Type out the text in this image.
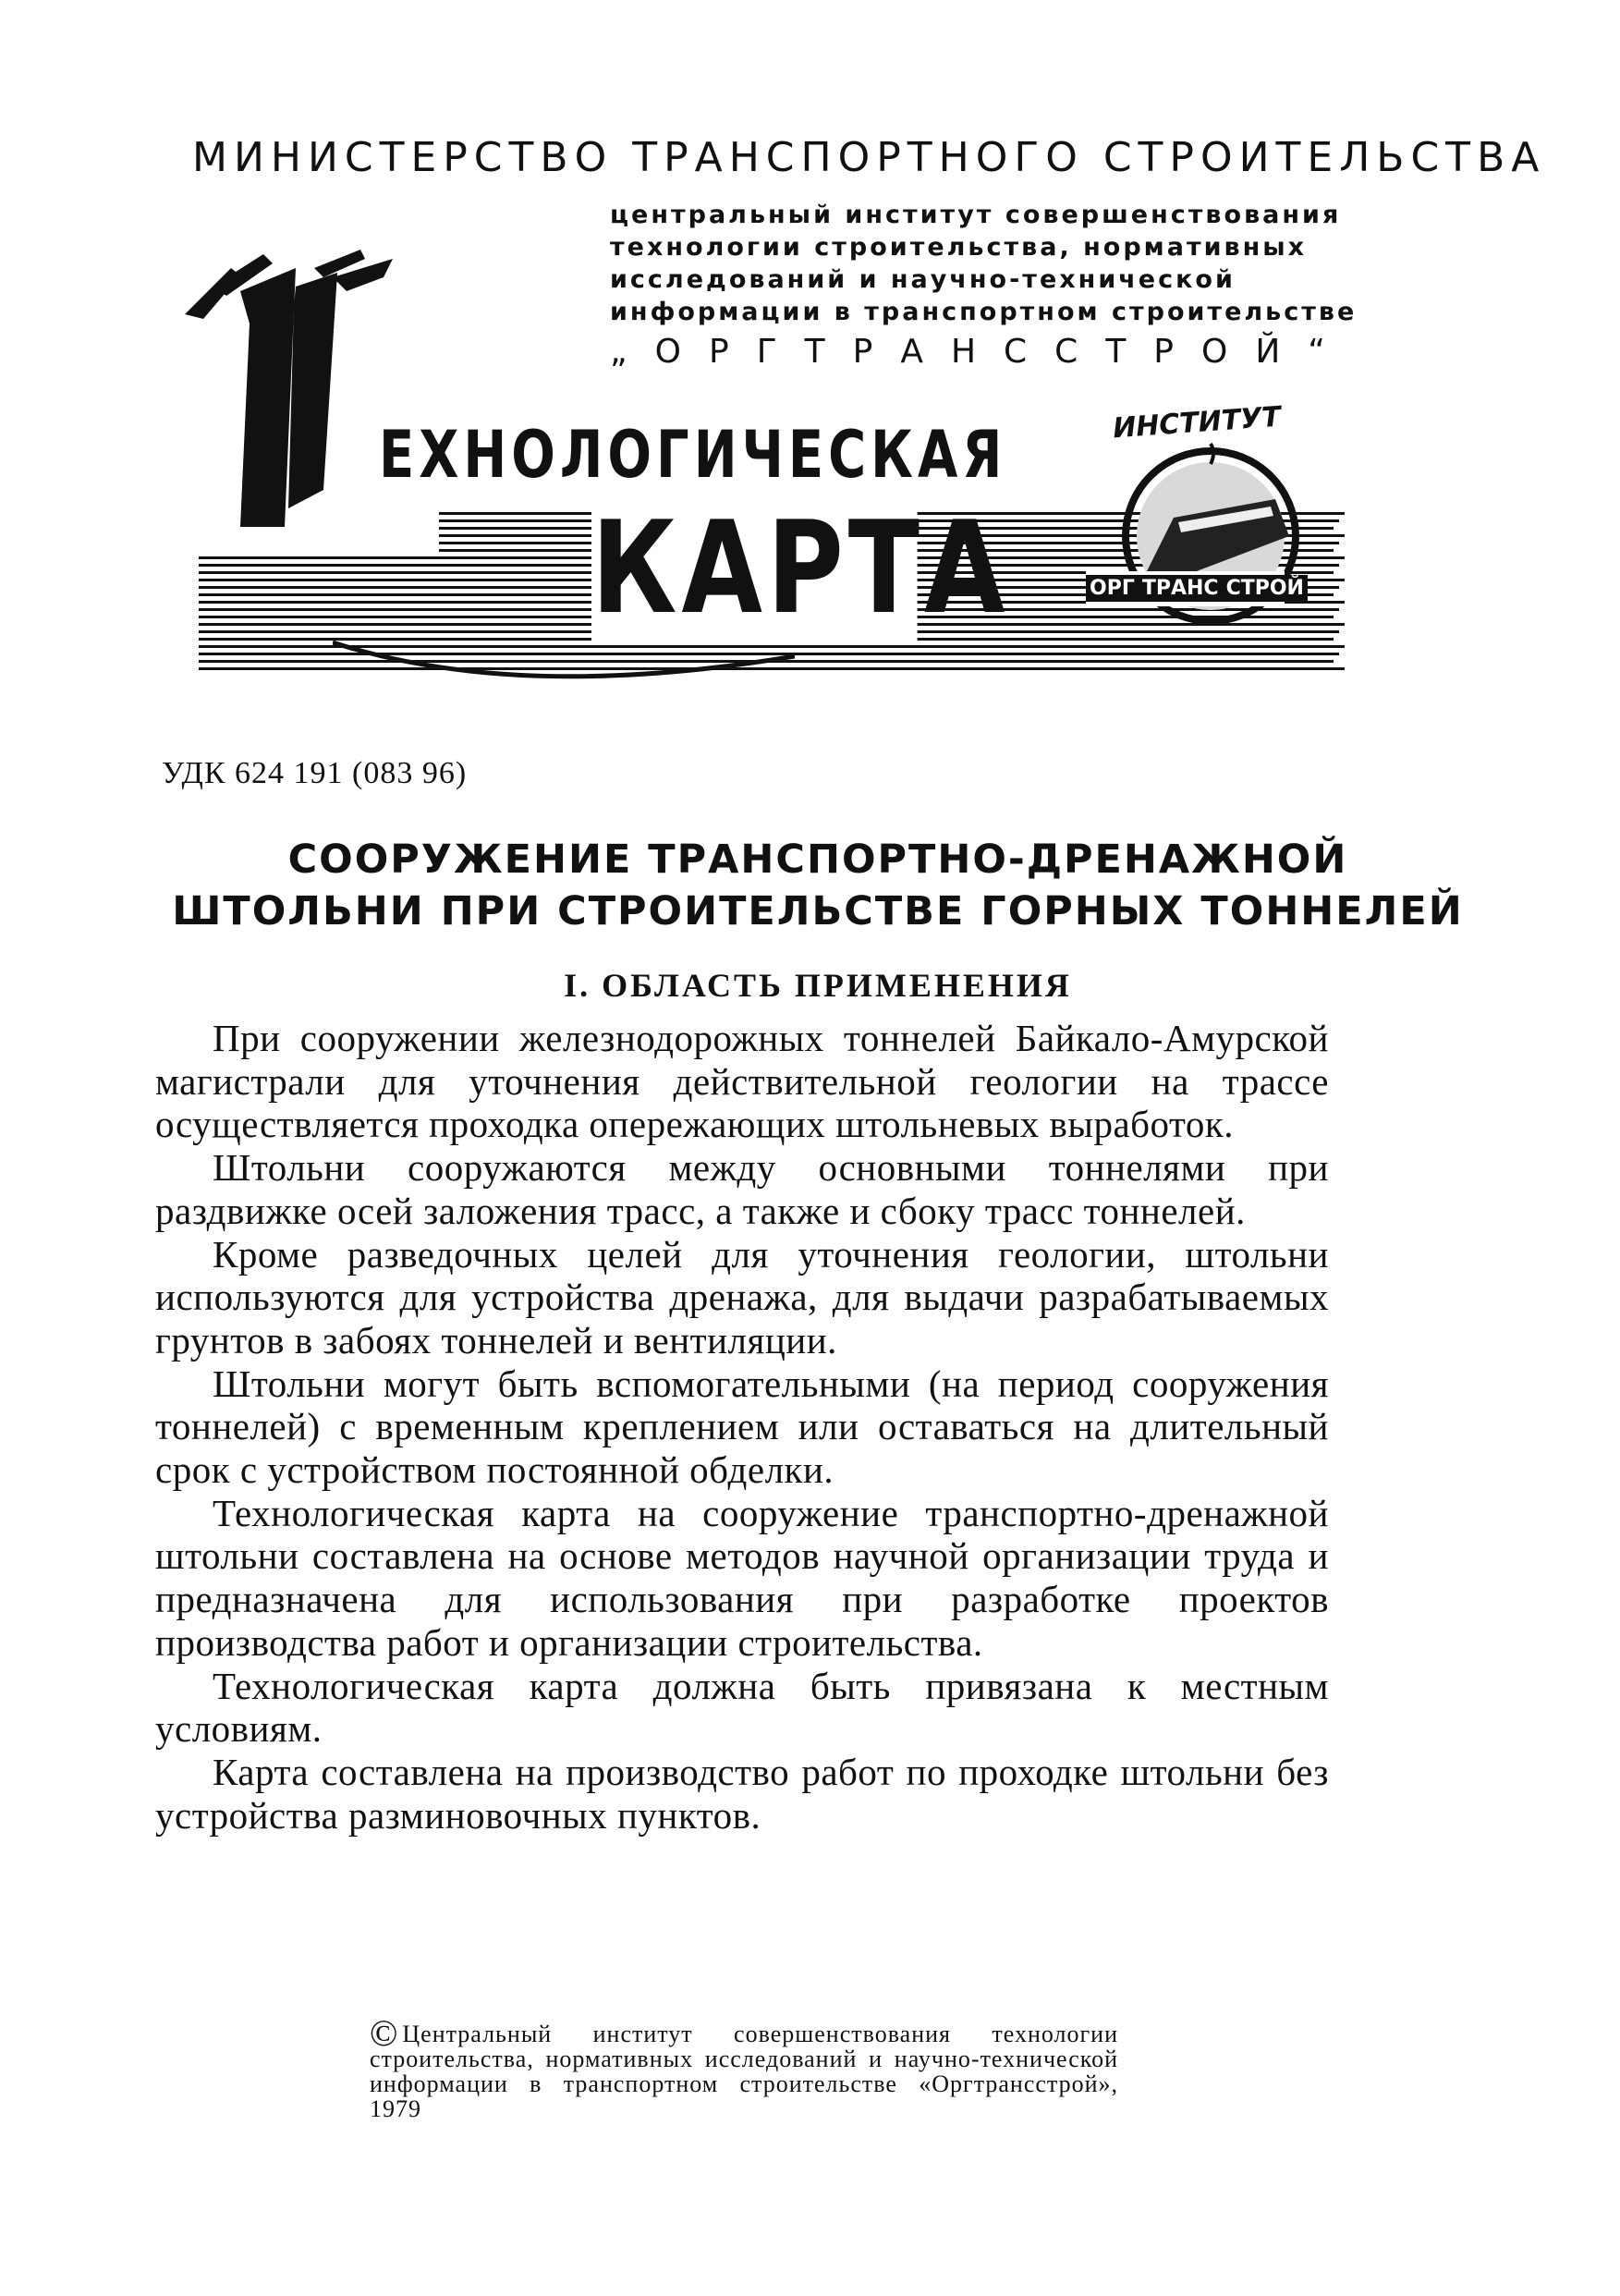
МИНИСТЕРСТВО ТРАНСПОРТНОГО СТРОИТЕЛЬСТВА
центральный институт совершенствования
технологии строительства, нормативных
исследований и научно-технической
информации в транспортном строительстве
„ОРГТРАНССТРОЙ“
Т ЕХНОЛОГИЧЕСКАЯ
КАРТА
ИНСТИТУТ
ОРГ ТРАНС СТРОЙ
УДК 624 191 (083 96)
СООРУЖЕНИЕ ТРАНСПОРТНО-ДРЕНАЖНОЙ
ШТОЛЬНИ ПРИ СТРОИТЕЛЬСТВЕ ГОРНЫХ ТОННЕЛЕЙ
I. ОБЛАСТЬ ПРИМЕНЕНИЯ

При сооружении железнодорожных тоннелей Байкало-Амурской магистрали для уточнения действительной геологии на трассе осуществляется проходка опережающих штольневых выработок.

Штольни сооружаются между основными тоннелями при раздвижке осей заложения трасс, а также и сбоку трасс тоннелей.

Кроме разведочных целей для уточнения геологии, штольни используются для устройства дренажа, для выдачи разрабатываемых грунтов в забоях тоннелей и вентиляции.

Штольни могут быть вспомогательными (на период сооружения тоннелей) с временным креплением или оставаться на длительный срок с устройством постоянной обделки.

Технологическая карта на сооружение транспортно-дренажной штольни составлена на основе методов научной организации труда и предназначена для использования при разработке проектов производства работ и организации строительства.

Технологическая карта должна быть привязана к местным условиям.

Карта составлена на производство работ по проходке штольни без устройства разминовочных пунктов.

© Центральный институт совершенствования технологии строительства, нормативных исследований и научно-технической информации в транспортном строительстве «Оргтрансстрой», 1979
